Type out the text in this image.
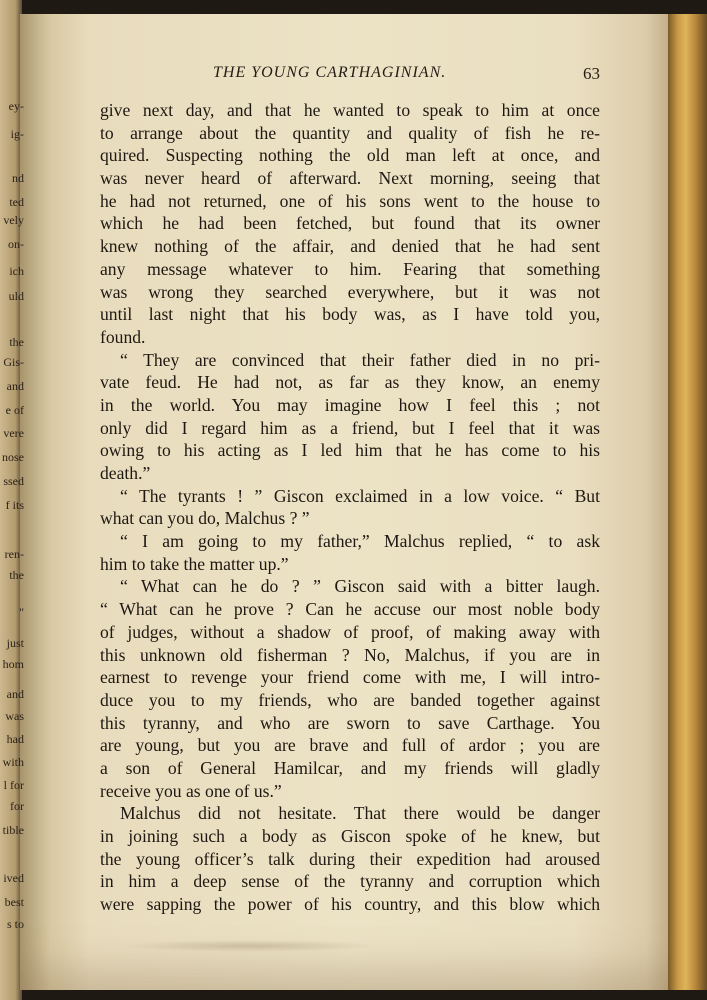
ey-
ig-
nd
ted
vely
on-
ich
uld
the
Gis-
and
e of
vere
nose
ssed
f its
ren-
the
"
just
hom
and
was
had
with
l for
for
tible
ived
best
s to
THE YOUNG CARTHAGINIAN.	63
give next day, and that he wanted to speak to him at once
to arrange about the quantity and quality of fish he re-
quired. Suspecting nothing the old man left at once, and
was never heard of afterward. Next morning, seeing that
he had not returned, one of his sons went to the house to
which he had been fetched, but found that its owner
knew nothing of the affair, and denied that he had sent
any message whatever to him. Fearing that something
was wrong they searched everywhere, but it was not
until last night that his body was, as I have told you,
found.
“ They are convinced that their father died in no pri-
vate feud. He had not, as far as they know, an enemy
in the world. You may imagine how I feel this ; not
only did I regard him as a friend, but I feel that it was
owing to his acting as I led him that he has come to his
death.”
“ The tyrants ! ” Giscon exclaimed in a low voice. “ But
what can you do, Malchus ? ”
“ I am going to my father,” Malchus replied, “ to ask
him to take the matter up.”
“ What can he do ? ” Giscon said with a bitter laugh.
“ What can he prove ? Can he accuse our most noble body
of judges, without a shadow of proof, of making away with
this unknown old fisherman ? No, Malchus, if you are in
earnest to revenge your friend come with me, I will intro-
duce you to my friends, who are banded together against
this tyranny, and who are sworn to save Carthage. You
are young, but you are brave and full of ardor ; you are
a son of General Hamilcar, and my friends will gladly
receive you as one of us.”
Malchus did not hesitate. That there would be danger
in joining such a body as Giscon spoke of he knew, but
the young officer’s talk during their expedition had aroused
in him a deep sense of the tyranny and corruption which
were sapping the power of his country, and this blow which
